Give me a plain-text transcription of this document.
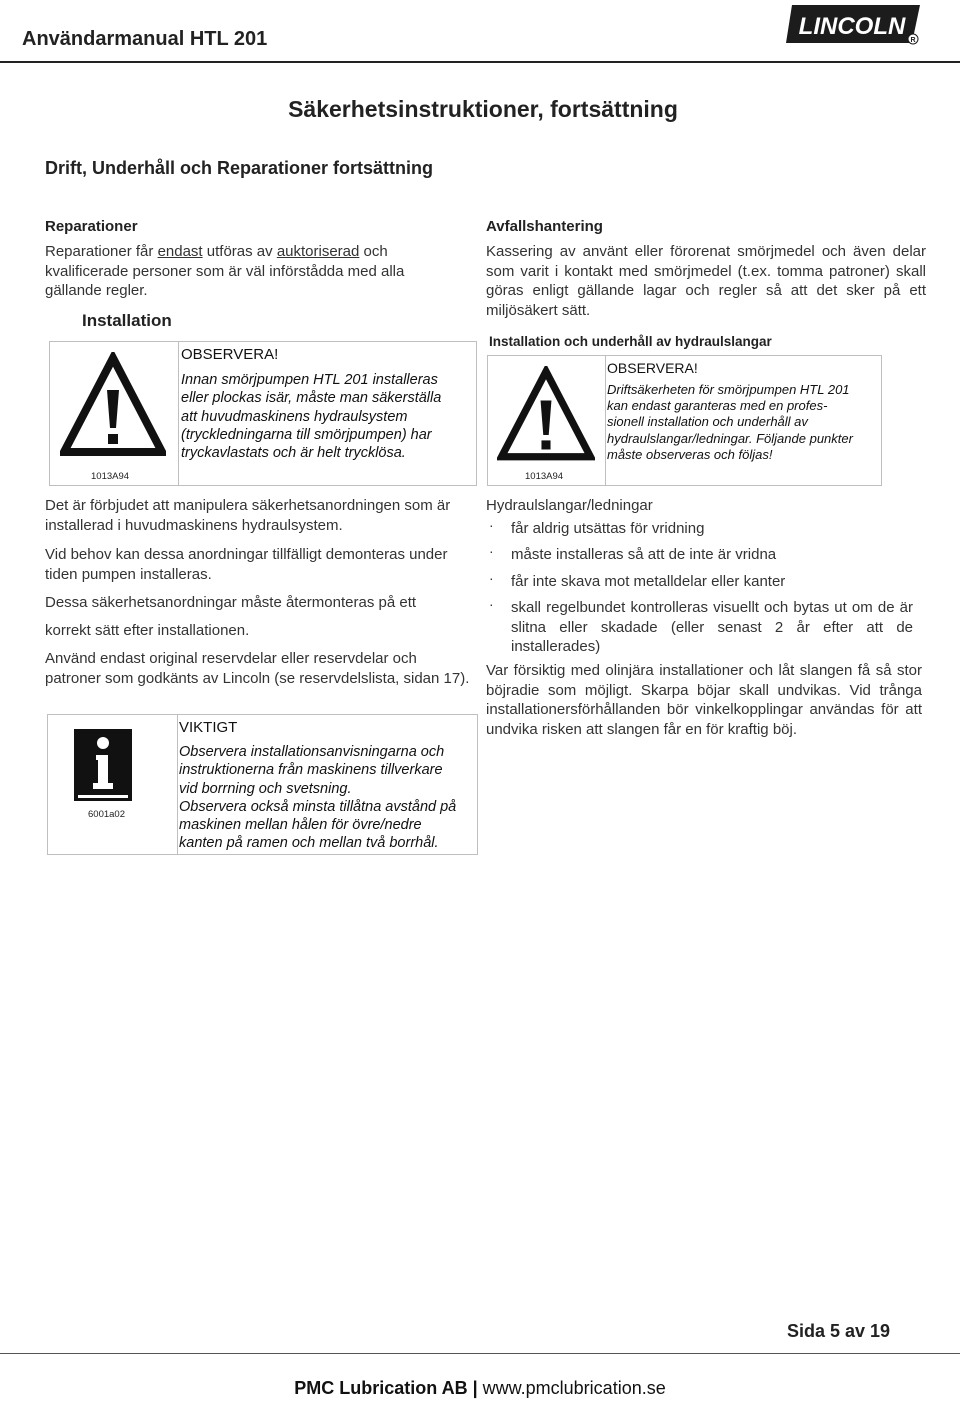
Användarmanual HTL 201	LINCOLN
R
Säkerhetsinstruktioner, fortsättning
Drift, Underhåll och Reparationer fortsättning
Reparationer
Reparationer får endast utföras av auktoriserad och kvalificerade personer som är väl införstådda med alla gällande regler.
Avfallshantering
Kassering av använt eller förorenat smörjmedel och även delar som varit i kontakt med smörjmedel (t.ex. tomma patroner) skall göras enligt gällande lagar och regler så att det sker på ett miljösäkert sätt.
Installation
1013A94
OBSERVERA!
Innan smörjpumpen HTL 201 installeras
eller plockas isär, måste man säkerställa
att huvudmaskinens hydraulsystem
(tryckledningarna till smörjpumpen) har
tryckavlastats och är helt trycklösa.
Installation och underhåll av hydraulslangar
1013A94
OBSERVERA!
Driftsäkerheten för smörjpumpen HTL 201
kan endast garanteras med en profes-
sionell installation och underhåll av
hydraulslangar/ledningar. Följande punkter
måste observeras och följas!
Det är förbjudet att manipulera säkerhetsanordningen som är installerad i huvudmaskinens hydraulsystem.
Vid behov kan dessa anordningar tillfälligt demonteras under tiden pumpen installeras.
Dessa säkerhetsanordningar måste återmonteras på ett
korrekt sätt efter installationen.
Använd endast original reservdelar eller reservdelar och patroner som godkänts av Lincoln (se reservdelslista, sidan 17).
6001a02
VIKTIGT
Observera installationsanvisningarna och
instruktionerna från maskinens tillverkare
vid borrning och svetsning.
Observera också minsta tillåtna avstånd på
maskinen mellan hålen för övre/nedre
kanten på ramen och mellan två borrhål.
Hydraulslangar/ledningar
· får aldrig utsättas för vridning
· måste installeras så att de inte är vridna
· får inte skava mot metalldelar eller kanter
· skall regelbundet kontrolleras visuellt och bytas ut om de är slitna eller skadade (eller senast 2 år efter att de installerades)
Var försiktig med olinjära installationer och låt slangen få så stor böjradie som möjligt. Skarpa böjar skall undvikas. Vid trånga installationersförhållanden bör vinkelkopplingar användas för att undvika risken att slangen får en för kraftig böj.
Sida 5 av 19
PMC Lubrication AB | www.pmclubrication.se
